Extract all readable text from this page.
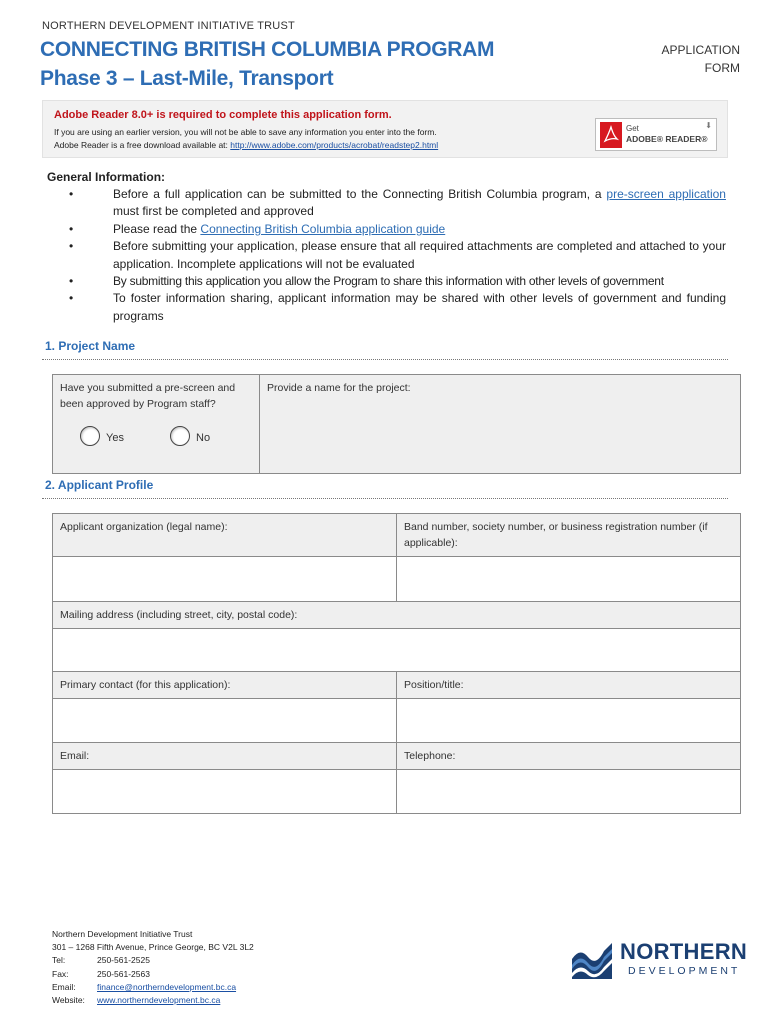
NORTHERN DEVELOPMENT INITIATIVE TRUST
CONNECTING BRITISH COLUMBIA PROGRAM
Phase 3 – Last-Mile, Transport
APPLICATION
FORM
Adobe Reader 8.0+ is required to complete this application form.
If you are using an earlier version, you will not be able to save any information you enter into the form.
Adobe Reader is a free download available at: http://www.adobe.com/products/acrobat/readstep2.html
Get
ADOBE® READER®
⬇
General Information:
•	Before a full application can be submitted to the Connecting British Columbia program, a pre-screen application must first be completed and approved
•	Please read the Connecting British Columbia application guide
•	Before submitting your application, please ensure that all required attachments are completed and attached to your application. Incomplete applications will not be evaluated
•	By submitting this application you allow the Program to share this information with other levels of government
•	To foster information sharing, applicant information may be shared with other levels of government and funding programs
1. Project Name
Have you submitted a pre-screen and been approved by Program staff?
Yes	No

Provide a name for the project:
2. Applicant Profile
Applicant organization (legal name):	Band number, society number, or business registration number (if applicable):

Mailing address (including street, city, postal code):	

Primary contact (for this application):	Position/title:

Email:	Telephone:

Northern Development Initiative Trust
301 – 1268 Fifth Avenue, Prince George, BC V2L 3L2
Tel:	250-561-2525
Fax:	250-561-2563
Email:	finance@northerndevelopment.bc.ca
Website:	www.northerndevelopment.bc.ca
NORTHERN
DEVELOPMENT
